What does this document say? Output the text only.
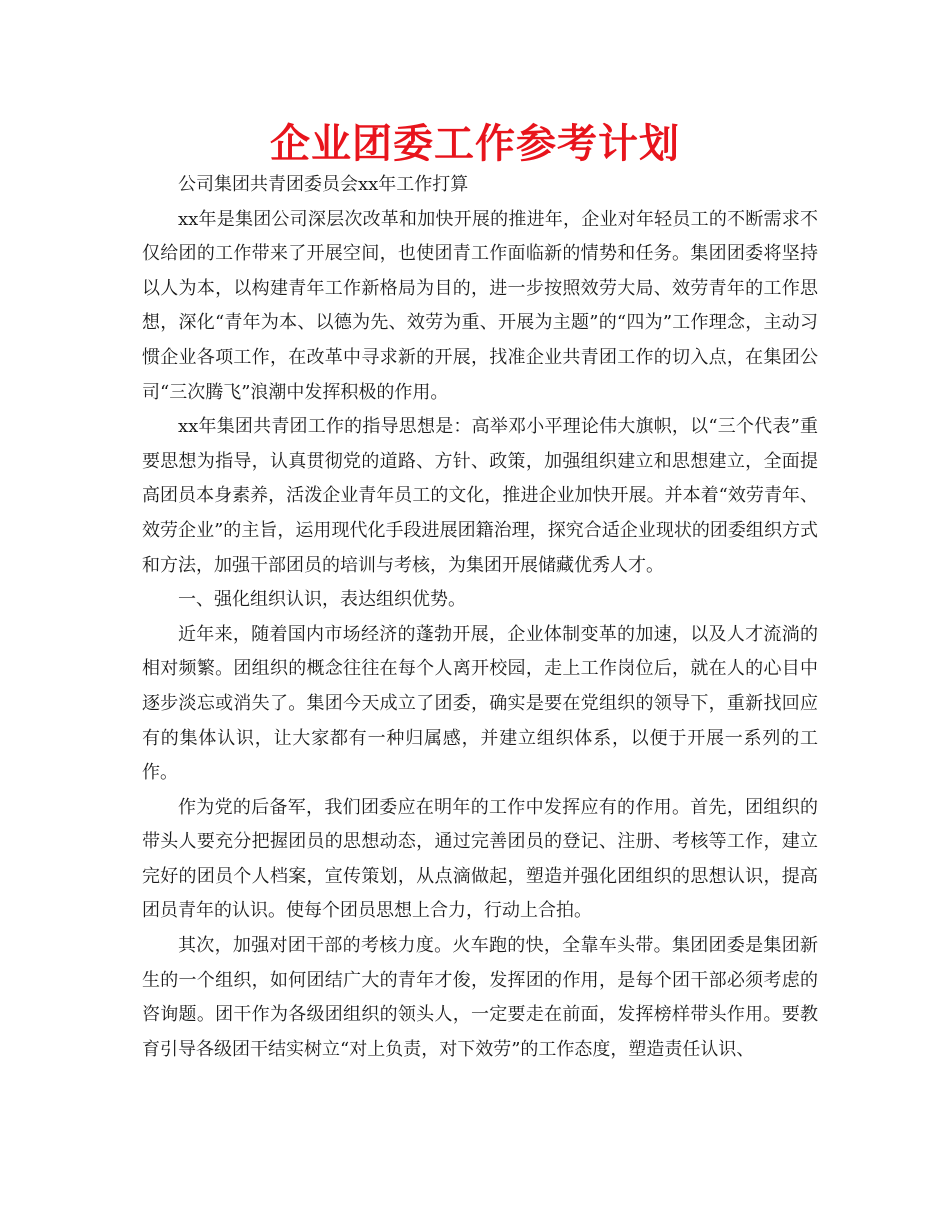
企业团委工作参考计划

公司集团共青团委员会xx年工作打算

xx年是集团公司深层次改革和加快开展的推进年，企业对年轻员工的不断需求不仅给团的工作带来了开展空间，也使团青工作面临新的情势和任务。集团团委将坚持以人为本，以构建青年工作新格局为目的，进一步按照效劳大局、效劳青年的工作思想，深化“青年为本、以德为先、效劳为重、开展为主题”的“四为”工作理念，主动习惯企业各项工作，在改革中寻求新的开展，找准企业共青团工作的切入点，在集团公司“三次腾飞”浪潮中发挥积极的作用。

xx年集团共青团工作的指导思想是：高举邓小平理论伟大旗帜，以“三个代表”重要思想为指导，认真贯彻党的道路、方针、政策，加强组织建立和思想建立，全面提高团员本身素养，活泼企业青年员工的文化，推进企业加快开展。并本着“效劳青年、效劳企业”的主旨，运用现代化手段进展团籍治理，探究合适企业现状的团委组织方式和方法，加强干部团员的培训与考核，为集团开展储藏优秀人才。

一、强化组织认识，表达组织优势。

近年来，随着国内市场经济的蓬勃开展，企业体制变革的加速，以及人才流淌的相对频繁。团组织的概念往往在每个人离开校园，走上工作岗位后，就在人的心目中逐步淡忘或消失了。集团今天成立了团委，确实是要在党组织的领导下，重新找回应有的集体认识，让大家都有一种归属感，并建立组织体系，以便于开展一系列的工作。

作为党的后备军，我们团委应在明年的工作中发挥应有的作用。首先，团组织的带头人要充分把握团员的思想动态，通过完善团员的登记、注册、考核等工作，建立完好的团员个人档案，宣传策划，从点滴做起，塑造并强化团组织的思想认识，提高团员青年的认识。使每个团员思想上合力，行动上合拍。

其次，加强对团干部的考核力度。火车跑的快，全靠车头带。集团团委是集团新生的一个组织，如何团结广大的青年才俊，发挥团的作用，是每个团干部必须考虑的咨询题。团干作为各级团组织的领头人，一定要走在前面，发挥榜样带头作用。要教育引导各级团干结实树立“对上负责，对下效劳”的工作态度，塑造责任认识、
